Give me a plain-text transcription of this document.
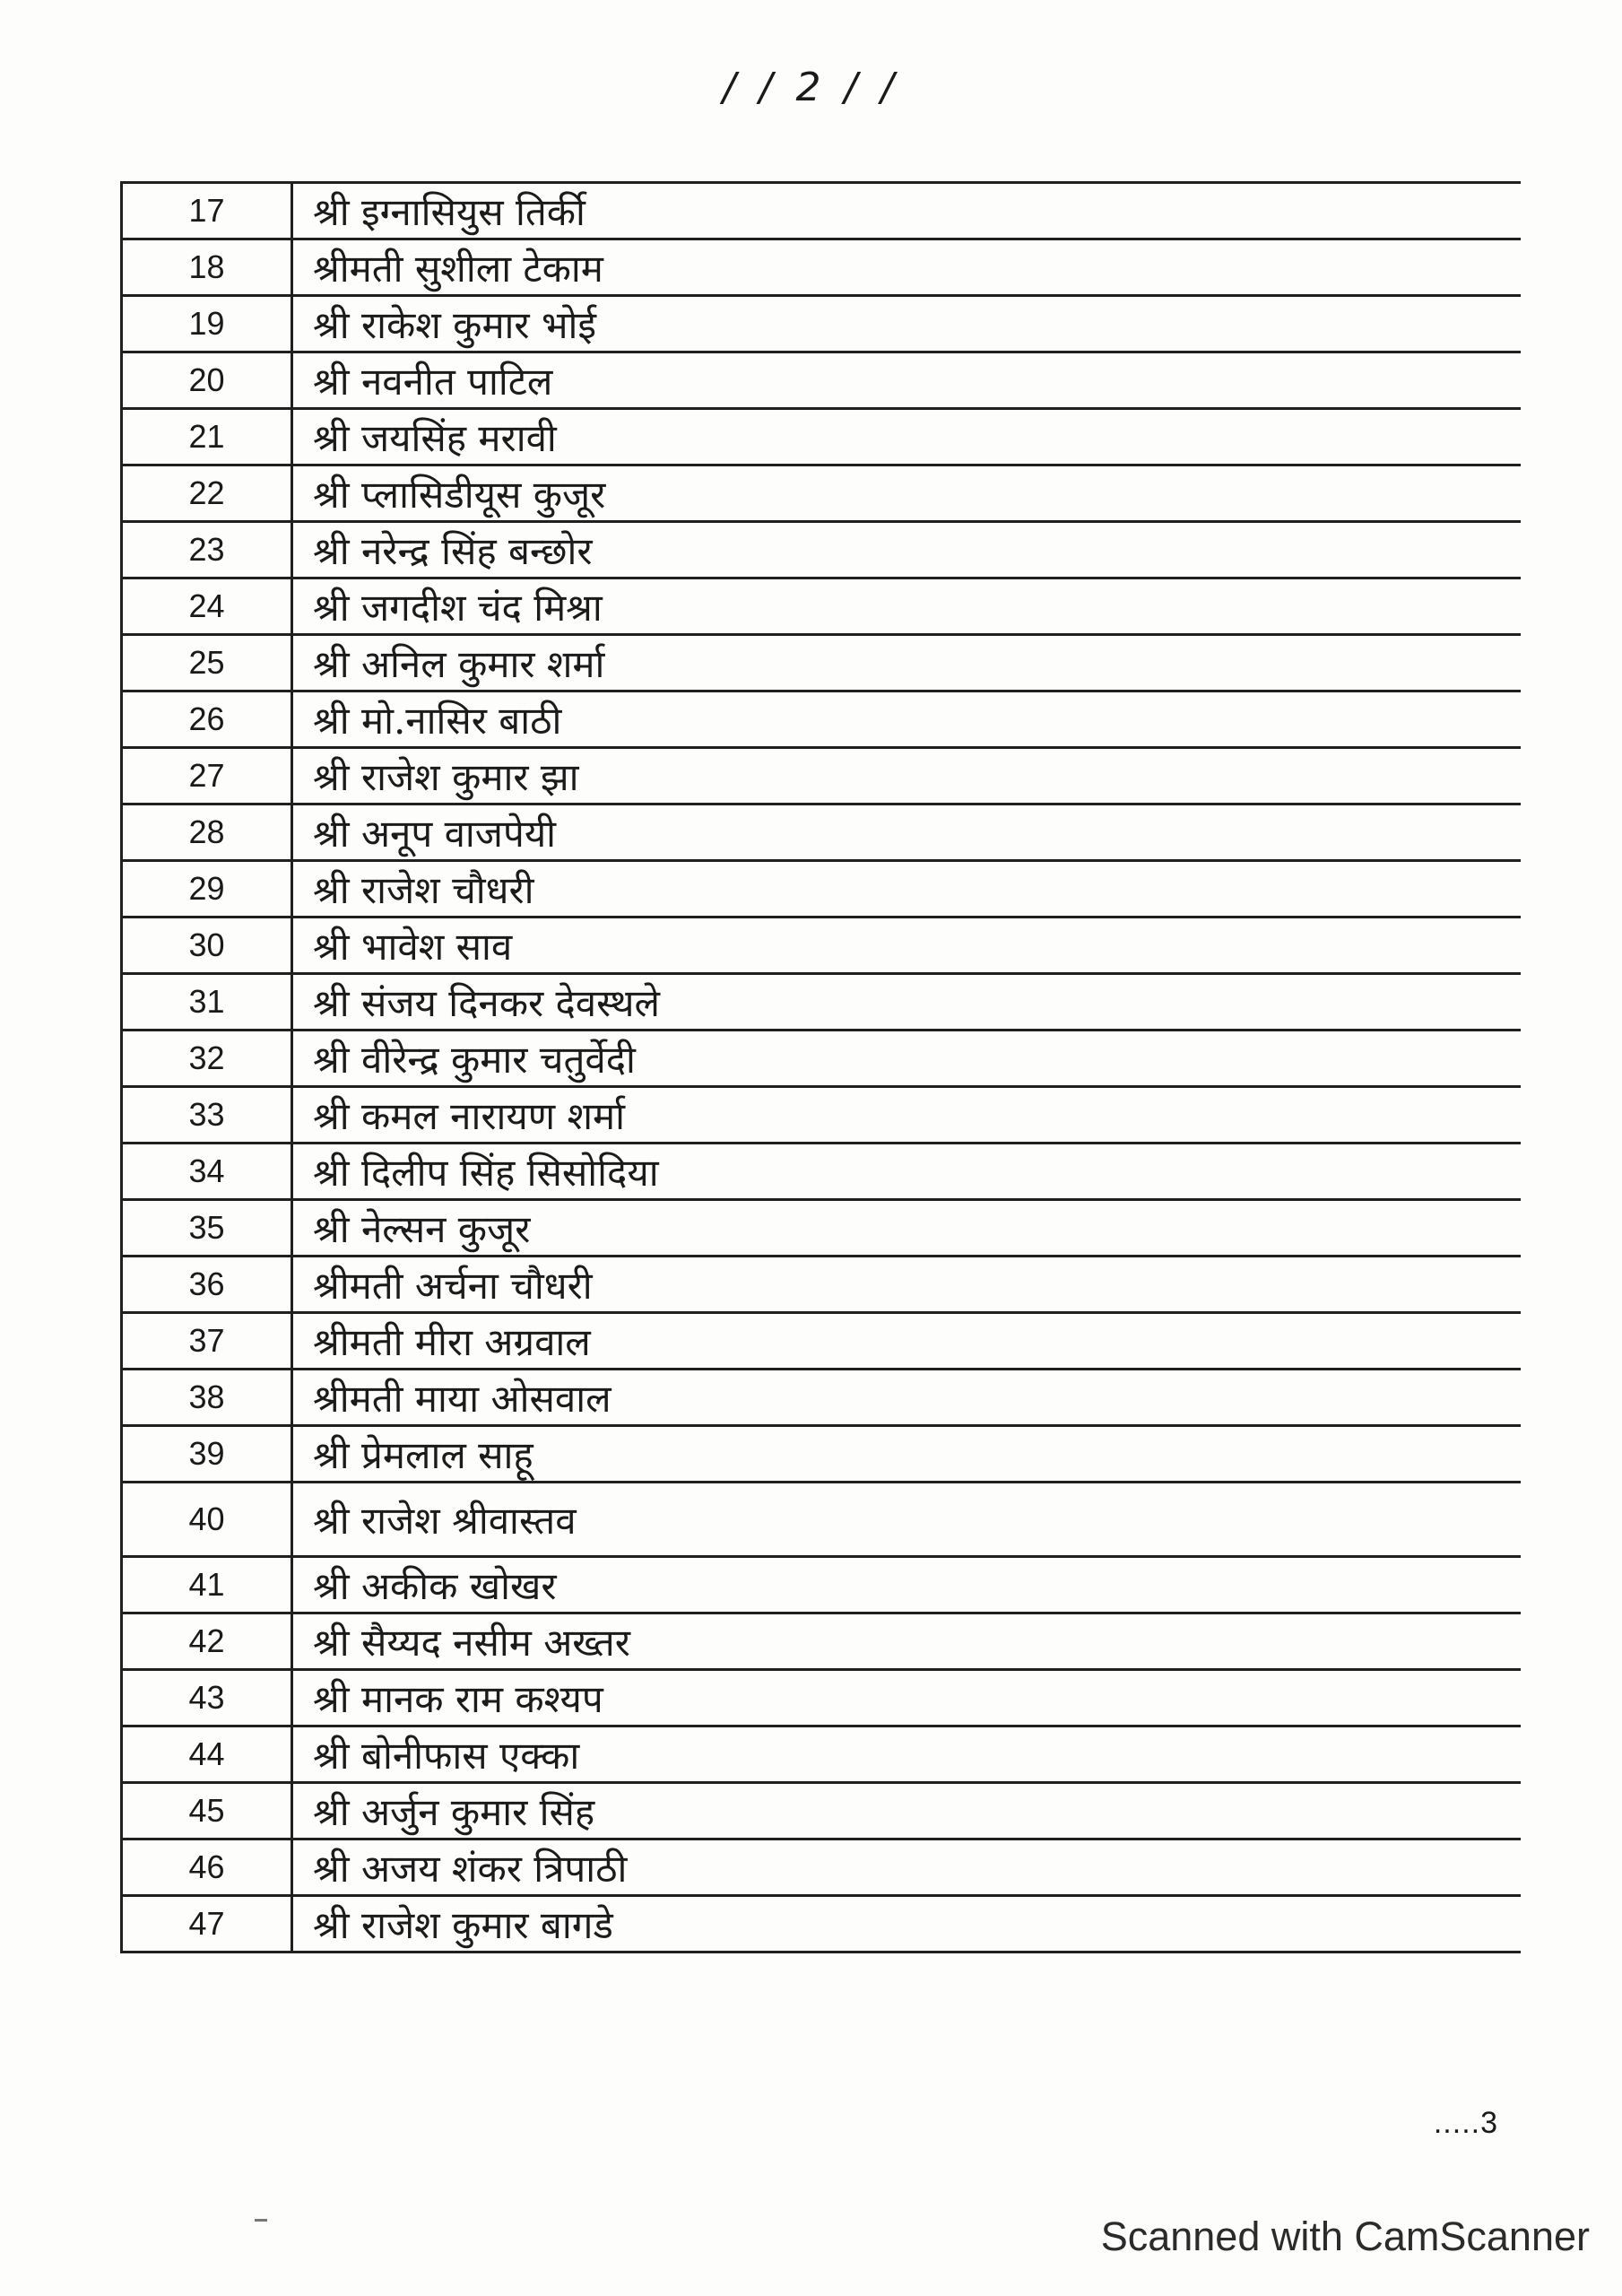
/ / 2 / /
17	श्री इग्नासियुस तिर्की
18	श्रीमती सुशीला टेकाम
19	श्री राकेश कुमार भोई
20	श्री नवनीत पाटिल
21	श्री जयसिंह मरावी
22	श्री प्लासिडीयूस कुजूर
23	श्री नरेन्द्र सिंह बन्छोर
24	श्री जगदीश चंद मिश्रा
25	श्री अनिल कुमार शर्मा
26	श्री मो.नासिर बाठी
27	श्री राजेश कुमार झा
28	श्री अनूप वाजपेयी
29	श्री राजेश चौधरी
30	श्री भावेश साव
31	श्री संजय दिनकर देवस्थले
32	श्री वीरेन्द्र कुमार चतुर्वेदी
33	श्री कमल नारायण शर्मा
34	श्री दिलीप सिंह सिसोदिया
35	श्री नेल्सन कुजूर
36	श्रीमती अर्चना चौधरी
37	श्रीमती मीरा अग्रवाल
38	श्रीमती माया ओसवाल
39	श्री प्रेमलाल साहू
40	श्री राजेश श्रीवास्तव
41	श्री अकीक खोखर
42	श्री सैय्यद नसीम अख्तर
43	श्री मानक राम कश्यप
44	श्री बोनीफास एक्का
45	श्री अर्जुन कुमार सिंह
46	श्री अजय शंकर त्रिपाठी
47	श्री राजेश कुमार बागडे
.....3
Scanned with CamScanner
